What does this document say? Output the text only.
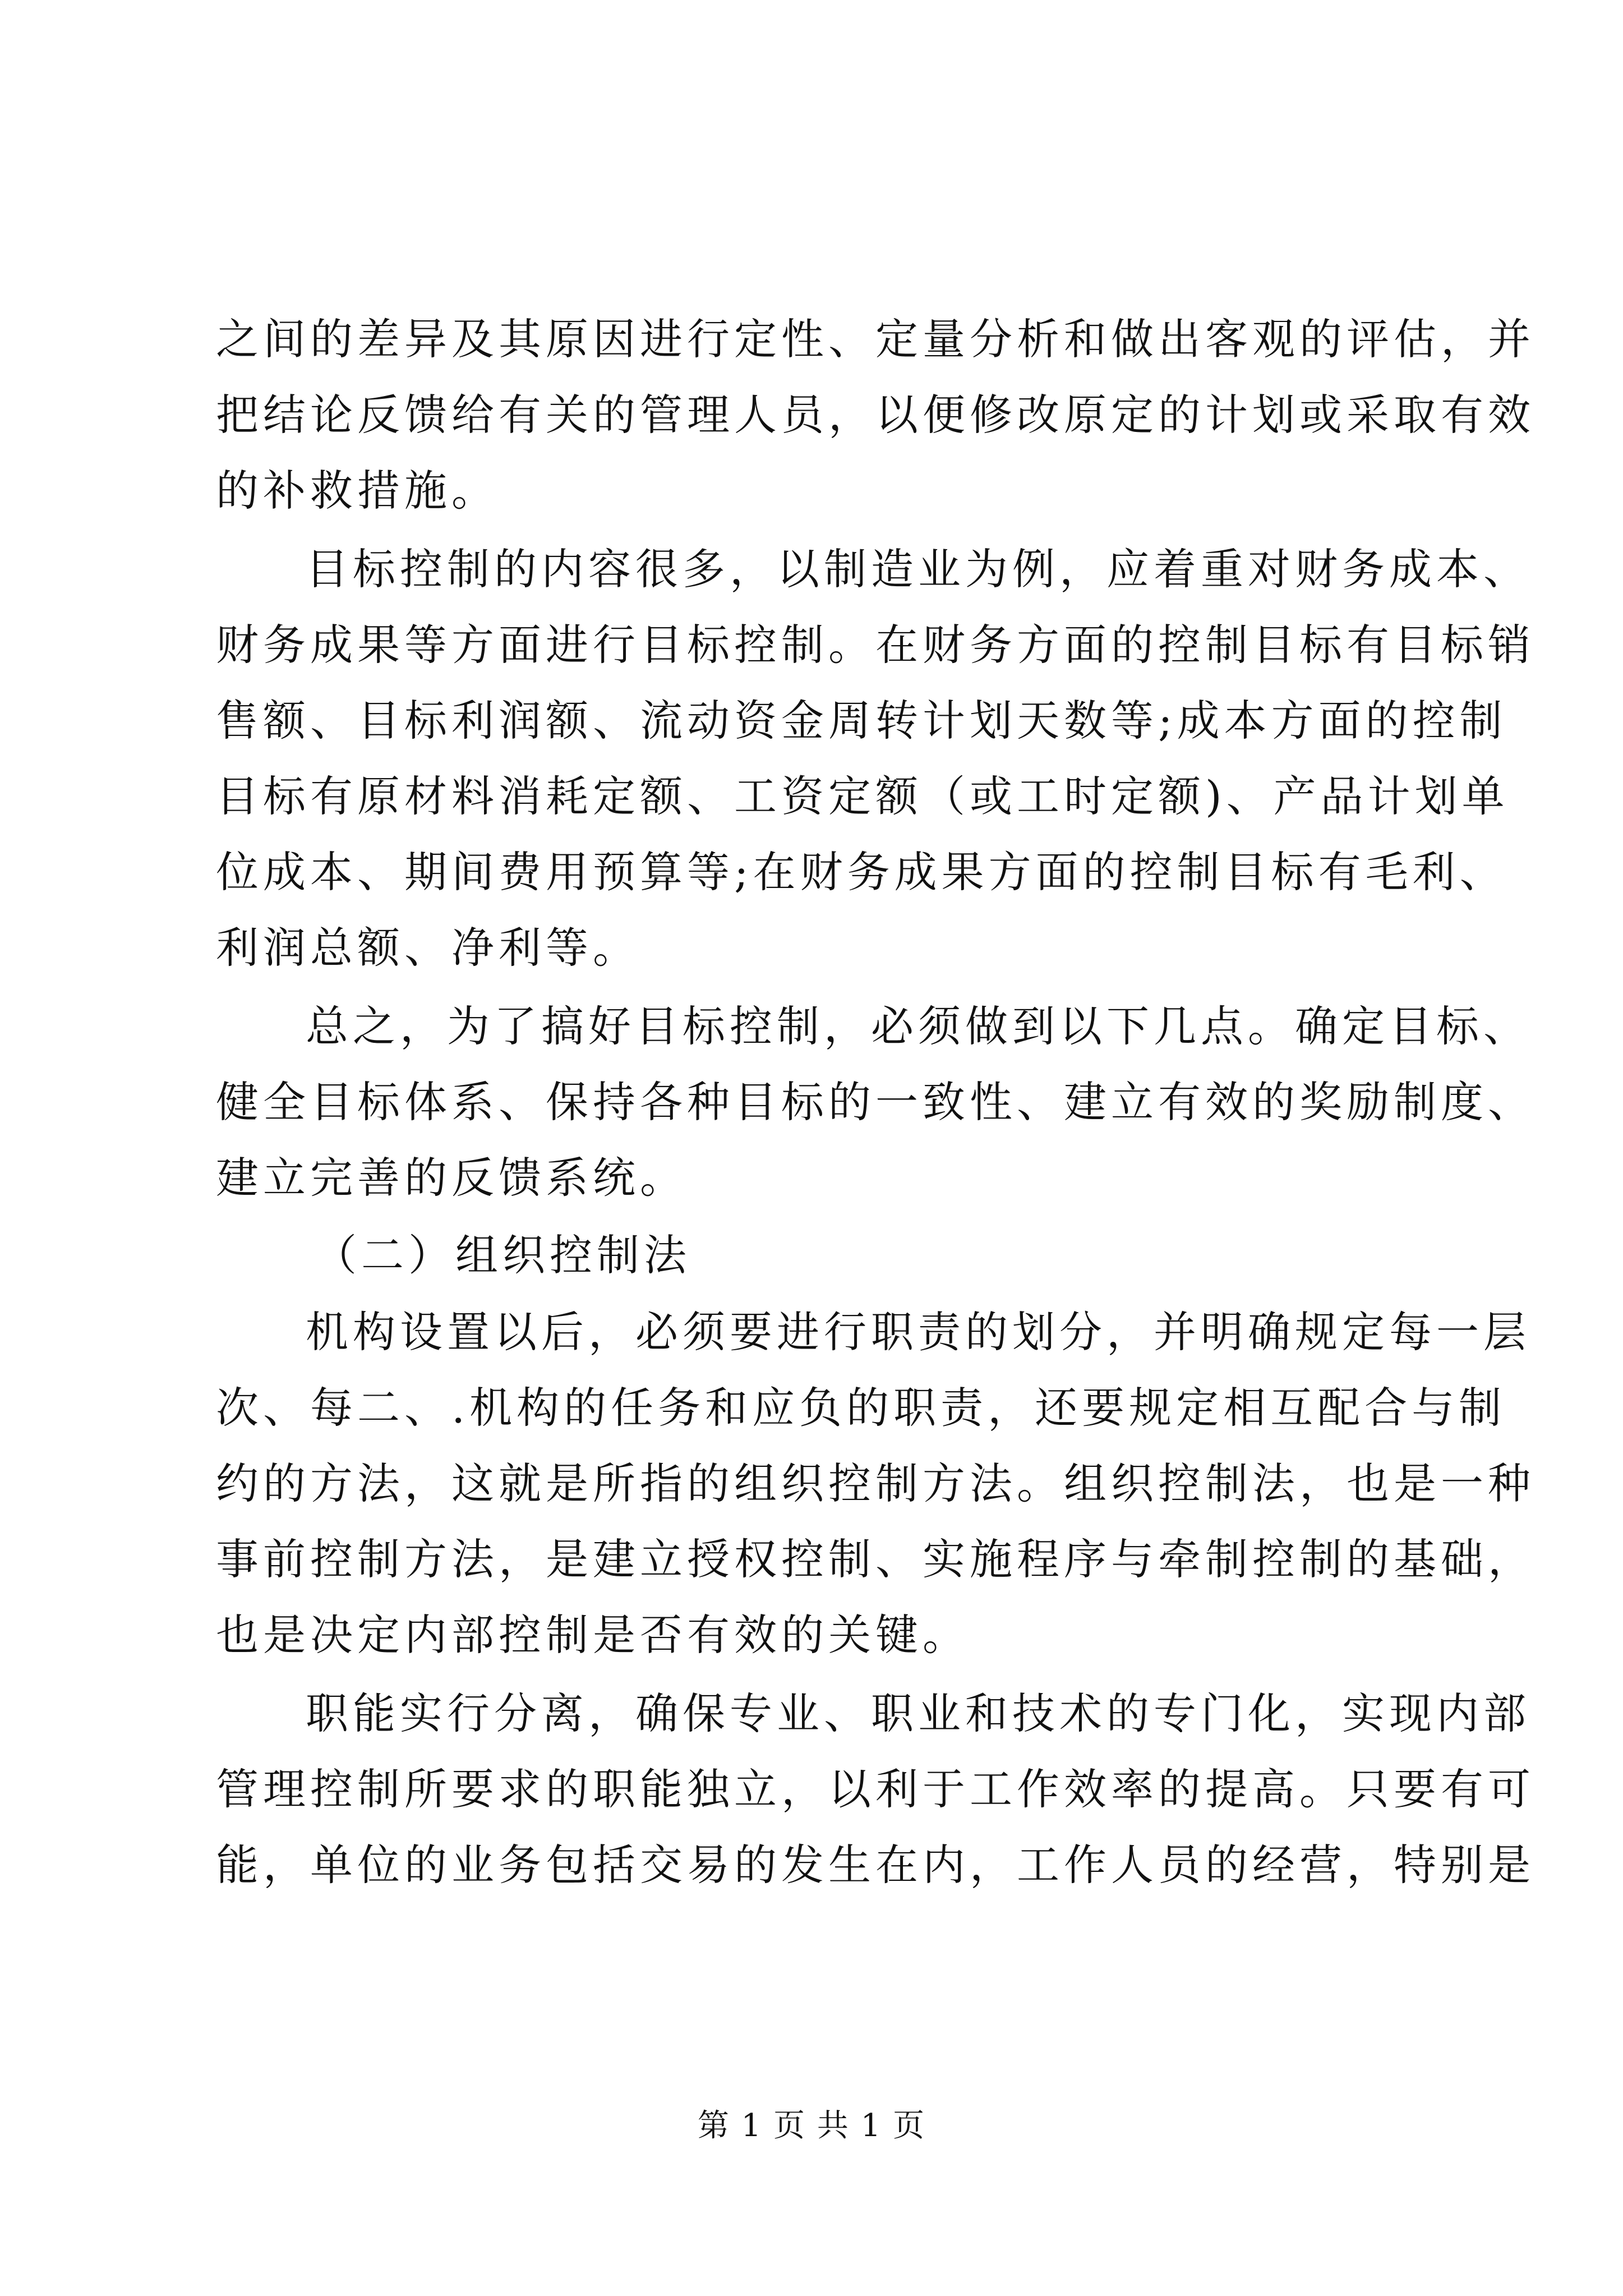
之间的差异及其原因进行定性、定量分析和做出客观的评估，并
把结论反馈给有关的管理人员，以便修改原定的计划或采取有效
的补救措施。
目标控制的内容很多，以制造业为例，应着重对财务成本、
财务成果等方面进行目标控制。在财务方面的控制目标有目标销
售额、目标利润额、流动资金周转计划天数等;成本方面的控制
目标有原材料消耗定额、工资定额（或工时定额)、产品计划单
位成本、期间费用预算等;在财务成果方面的控制目标有毛利、
利润总额、净利等。
总之，为了搞好目标控制，必须做到以下几点。确定目标、
健全目标体系、保持各种目标的一致性、建立有效的奖励制度、
建立完善的反馈系统。
（二）组织控制法
机构设置以后，必须要进行职责的划分，并明确规定每一层
次、每二、.机构的任务和应负的职责，还要规定相互配合与制
约的方法，这就是所指的组织控制方法。组织控制法，也是一种
事前控制方法，是建立授权控制、实施程序与牵制控制的基础，
也是决定内部控制是否有效的关键。
职能实行分离，确保专业、职业和技术的专门化，实现内部
管理控制所要求的职能独立，以利于工作效率的提高。只要有可
能，单位的业务包括交易的发生在内，工作人员的经营，特别是
第 1 页 共 1 页
